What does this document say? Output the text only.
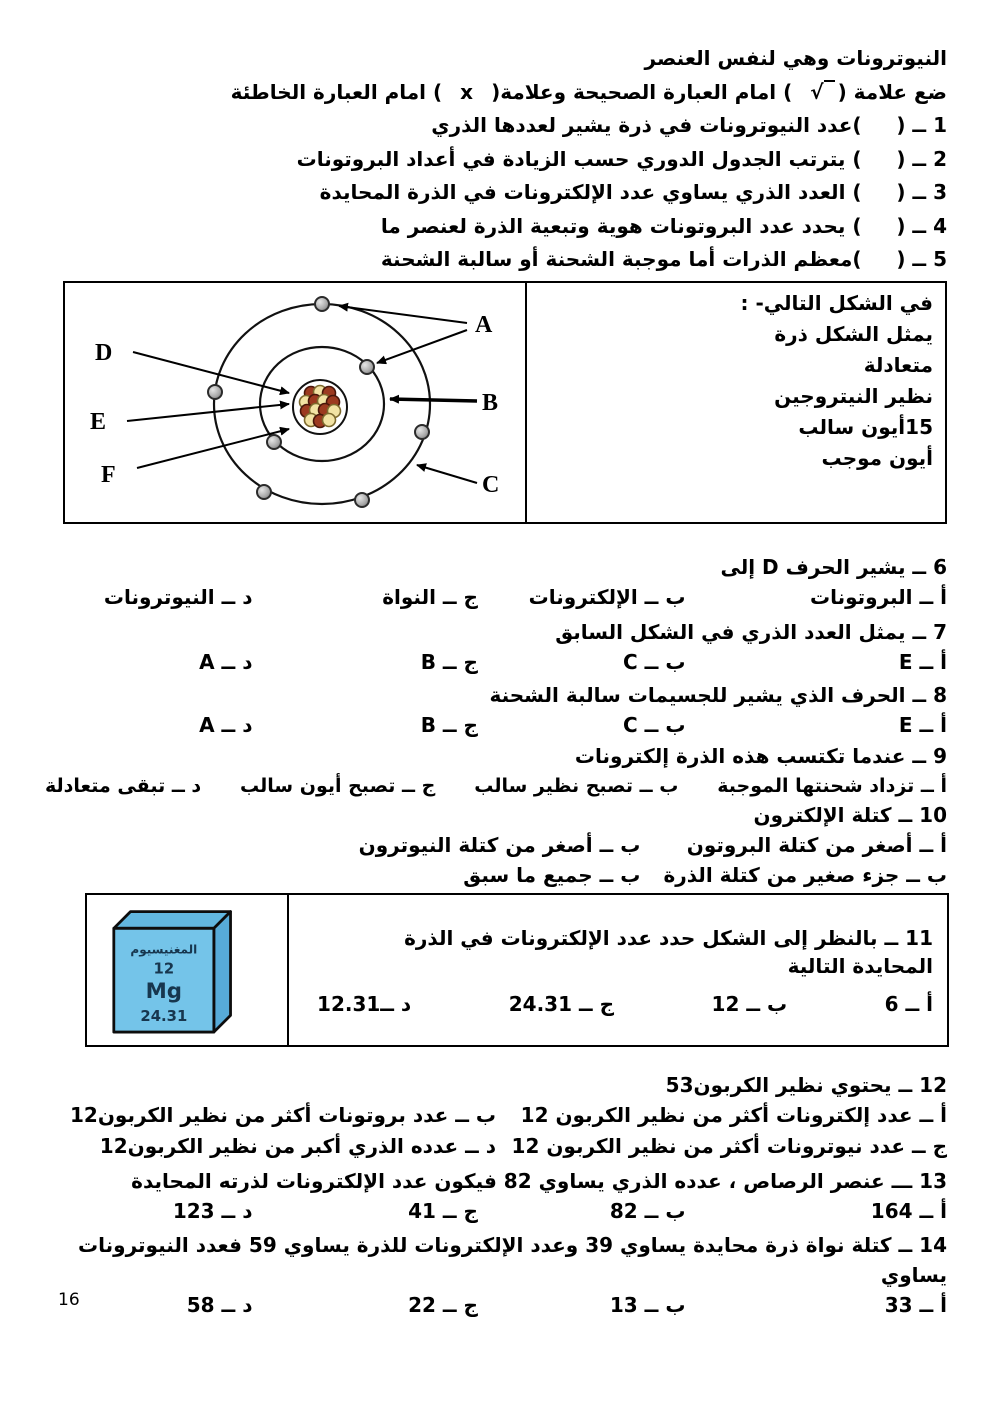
النيوترونات وهي لنفس العنصر
ضع علامة (√) امام العبارة الصحيحة وعلامة(x) امام العبارة الخاطئة
1 ــ (     )عدد النيوترونات في ذرة يشير لعددها الذري
2 ــ (     ) يترتب الجدول الدوري حسب الزيادة في أعداد البروتونات
3 ــ (     ) العدد الذري يساوي عدد الإلكترونات في الذرة المحايدة
4 ــ (     ) يحدد عدد البروتونات هوية وتبعية الذرة لعنصر ما
5 ــ (     )معظم الذرات أما موجبة الشحنة أو سالبة الشحنة
A
B
C
D
E
F
في الشكل التالي- :
يمثل الشكل ذرة
متعادلة
نظير النيتروجين
15أيون سالب
أيون موجب
6 ــ يشير الحرف D إلى
أ ــ البروتونات
ب ــ الإلكترونات
ج ــ النواة
د ــ النيوترونات
7 ــ يمثل العدد الذري في الشكل السابق
أ ــ E
ب ــ C
ج ــ B
د ــ A
8 ــ الحرف الذي يشير للجسيمات سالبة الشحنة
أ ــ E
ب ــ C
ج ــ B
د ــ A
9 ــ عندما تكتسب هذه الذرة إلكترونات
أ ــ تزداد شحنتها الموجبة
ب ــ تصبح نظير سالب
ج ــ تصبح أيون سالب
د ــ تبقى متعادلة
10 ــ كتلة الإلكترون
أ ــ أصغر من كتلة البروتون
ب ــ أصغر من كتلة النيوترون
ب ــ جزء صغير من كتلة الذرة
ب ــ جميع ما سبق
المغنيسيوم
12
Mg
24.31
11 ــ بالنظر إلى الشكل حدد عدد الإلكترونات في الذرة المحايدة التالية
أ ــ 6
ب ــ 12
ج ــ 24.31
د ــ12.31
12 ــ يحتوي نظير الكربون53
أ ــ عدد إلكترونات أكثر من نظير الكربون 12
ب ــ عدد بروتونات أكثر من نظير الكربون12
ج ــ عدد نيوترونات أكثر من نظير الكربون 12
د ــ عدده الذري أكبر من نظير الكربون12
13 ـــ عنصر الرصاص ، عدده الذري يساوي 82 فيكون عدد الإلكترونات لذرته المحايدة
أ ــ 164
ب ــ 82
ج ــ 41
د ــ 123
14 ــ كتلة نواة ذرة محايدة يساوي 39 وعدد الإلكترونات للذرة يساوي 59 فعدد النيوترونات يساوي
أ ــ 33
ب ــ 13
ج ــ 22
د ــ 58
16
